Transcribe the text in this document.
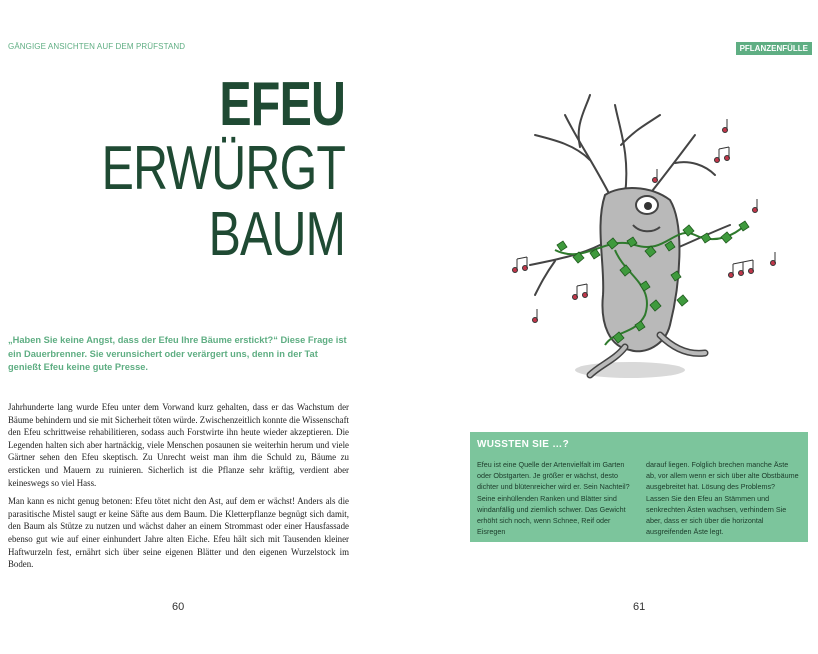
GÄNGIGE ANSICHTEN AUF DEM PRÜFSTAND
EFEU
ERWÜRGT
BAUM
„Haben Sie keine Angst, dass der Efeu Ihre Bäume erstickt?“ Diese Frage ist ein Dauerbrenner. Sie verunsichert oder verärgert uns, denn in der Tat genießt Efeu keine gute Presse.

Jahrhunderte lang wurde Efeu unter dem Vorwand kurz gehalten, dass er das Wachstum der Bäume behindern und sie mit Sicherheit töten würde. Zwischenzeitlich konnte die Wissenschaft den Efeu schrittweise rehabilitieren, sodass auch Forstwirte ihn heute wieder akzeptieren. Die Legenden halten sich aber hartnäckig, viele Menschen posaunen sie weiterhin herum und viele Gärtner sehen den Efeu skeptisch. Zu Unrecht weist man ihm die Schuld zu, Bäume zu ersticken und Mauern zu ruinieren. Sicherlich ist die Pflanze sehr kräftig, verdient aber keineswegs so viel Hass.

Man kann es nicht genug betonen: Efeu tötet nicht den Ast, auf dem er wächst! Anders als die parasitische Mistel saugt er keine Säfte aus dem Baum. Die Kletterpflanze begnügt sich damit, den Baum als Stütze zu nutzen und wächst daher an einem Strommast oder einer Hausfassade ebenso gut wie auf einer einhundert Jahre alten Eiche. Efeu hält sich mit Tausenden kleiner Haftwurzeln fest, ernährt sich über seine eigenen Blätter und den eigenen Wurzelstock im Boden.

60
PFLANZENFÜLLE
WUSSTEN SIE …?
Efeu ist eine Quelle der Artenvielfalt im Garten oder Obstgarten. Je größer er wächst, desto dichter und blütenreicher wird er. Sein Nachteil? Seine einhüllenden Ranken und Blätter sind windanfällig und ziemlich schwer. Das Gewicht erhöht sich noch, wenn Schnee, Reif oder Eisregen
darauf liegen. Folglich brechen manche Äste ab, vor allem wenn er sich über alte Obstbäume ausgebreitet hat. Lösung des Problems? Lassen Sie den Efeu an Stämmen und senkrechten Ästen wachsen, verhindern Sie aber, dass er sich über die horizontal ausgreifenden Äste legt.
61
